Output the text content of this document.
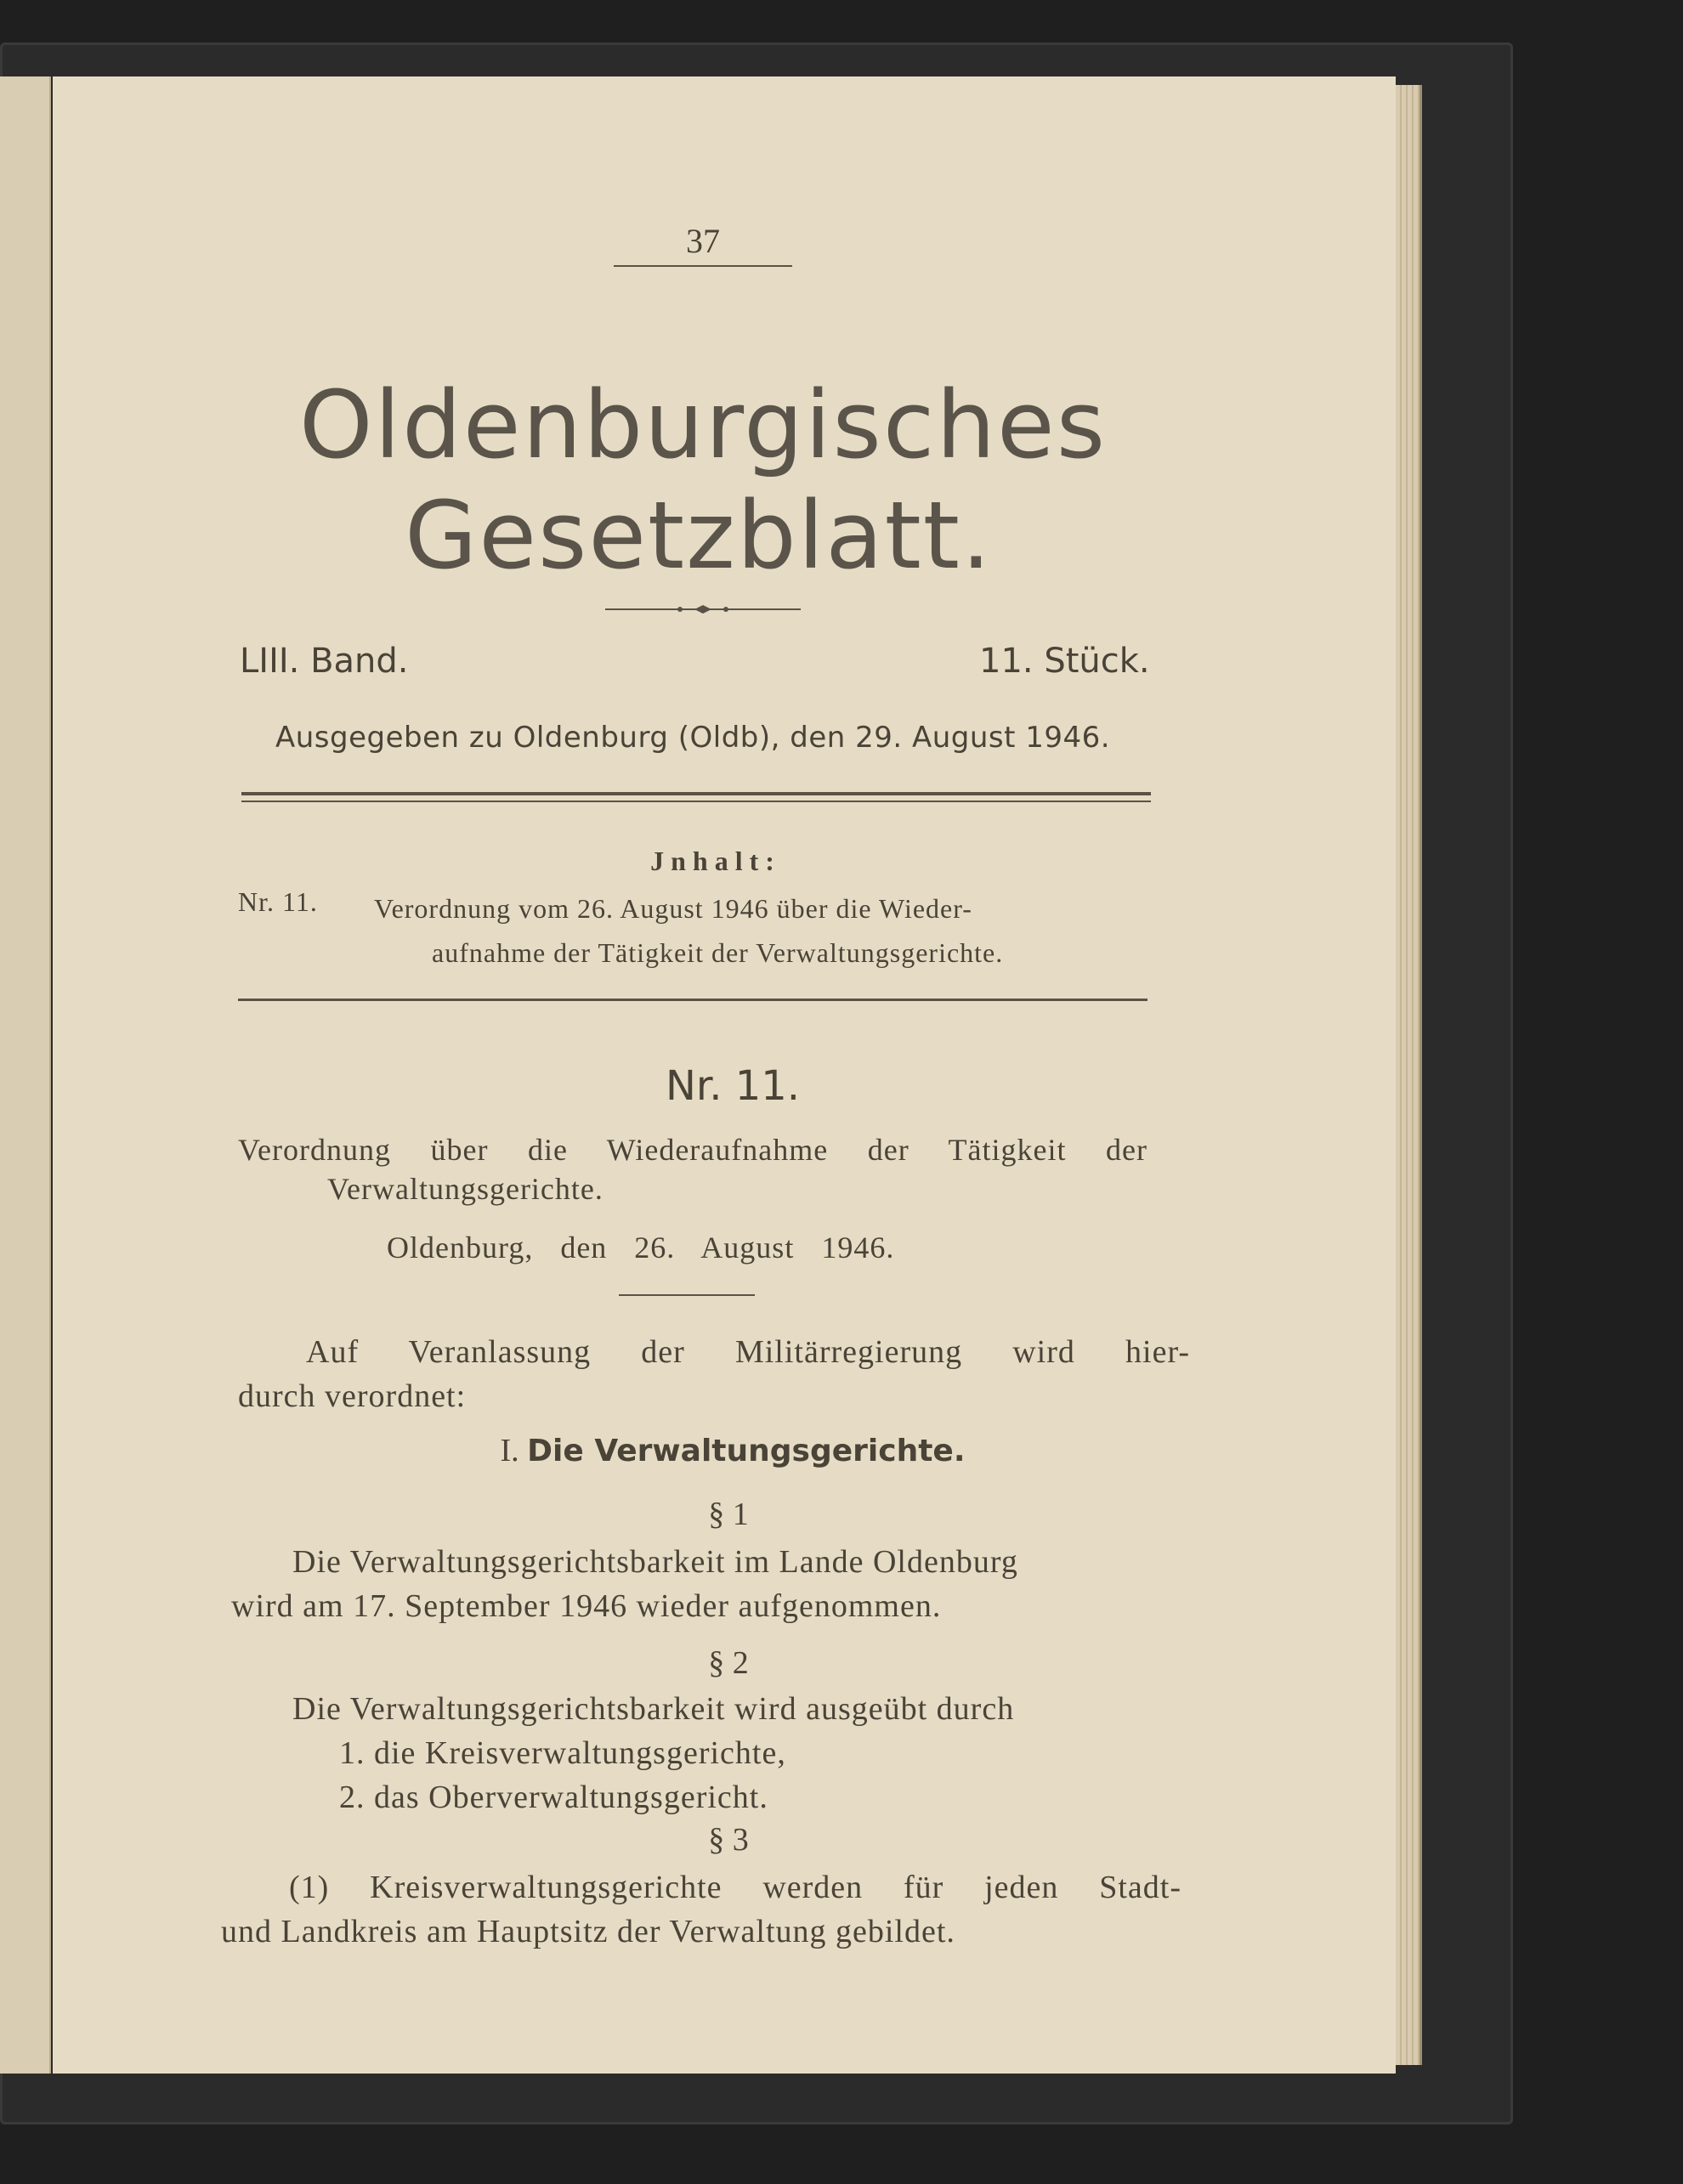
37
Oldenburgisches
Gesetzblatt.
LIII. Band.	11. Stück.
Ausgegeben zu Oldenburg (Oldb), den 29. August 1946.
Jnhalt:
Nr. 11. Verordnung vom 26. August 1946 über die Wieder-
aufnahme der Tätigkeit der Verwaltungsgerichte.
Nr. 11.
Verordnung über die Wiederaufnahme der Tätigkeit der
Verwaltungsgerichte.
Oldenburg, den 26. August 1946.
Auf Veranlassung der Militärregierung wird hier-
durch verordnet:
I. Die Verwaltungsgerichte.
§ 1
Die Verwaltungsgerichtsbarkeit im Lande Oldenburg
wird am 17. September 1946 wieder aufgenommen.
§ 2
Die Verwaltungsgerichtsbarkeit wird ausgeübt durch
1. die Kreisverwaltungsgerichte,
2. das Oberverwaltungsgericht.
§ 3
(1) Kreisverwaltungsgerichte werden für jeden Stadt-
und Landkreis am Hauptsitz der Verwaltung gebildet.
